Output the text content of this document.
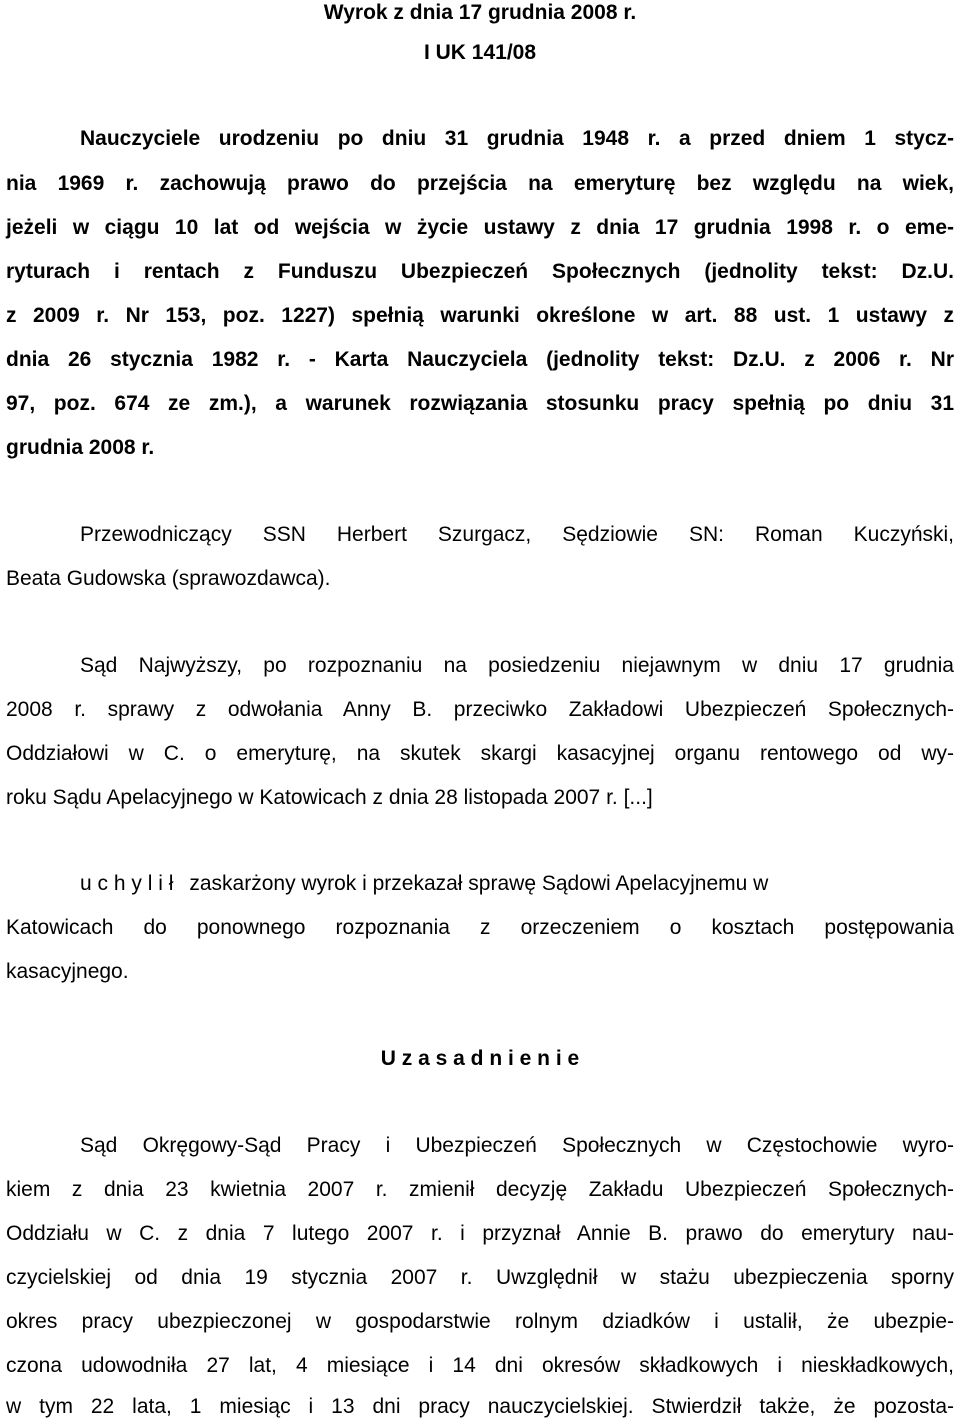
Wyrok z dnia 17 grudnia 2008 r.
I UK 141/08
Nauczyciele urodzeniu po dniu 31 grudnia 1948 r. a przed dniem 1 stycz-
nia 1969 r. zachowują prawo do przejścia na emeryturę bez względu na wiek,
jeżeli w ciągu 10 lat od wejścia w życie ustawy z dnia 17 grudnia 1998 r. o eme-
ryturach i rentach z Funduszu Ubezpieczeń Społecznych (jednolity tekst: Dz.U.
z 2009 r. Nr 153, poz. 1227) spełnią warunki określone w art. 88 ust. 1 ustawy z
dnia 26 stycznia 1982 r. - Karta Nauczyciela (jednolity tekst: Dz.U. z 2006 r. Nr
97, poz. 674 ze zm.), a warunek rozwiązania stosunku pracy spełnią po dniu 31
grudnia 2008 r.
Przewodniczący SSN Herbert Szurgacz, Sędziowie SN: Roman Kuczyński,
Beata Gudowska (sprawozdawca).
Sąd Najwyższy, po rozpoznaniu na posiedzeniu niejawnym w dniu 17 grudnia
2008 r. sprawy z odwołania Anny B. przeciwko Zakładowi Ubezpieczeń Społecznych-
Oddziałowi w C. o emeryturę, na skutek skargi kasacyjnej organu rentowego od wy-
roku Sądu Apelacyjnego w Katowicach z dnia 28 listopada 2007 r. [...]
u c h y l i ł zaskarżony wyrok i przekazał sprawę Sądowi Apelacyjnemu w
Katowicach do ponownego rozpoznania z orzeczeniem o kosztach postępowania
kasacyjnego.
U z a s a d n i e n i e
Sąd Okręgowy-Sąd Pracy i Ubezpieczeń Społecznych w Częstochowie wyro-
kiem z dnia 23 kwietnia 2007 r. zmienił decyzję Zakładu Ubezpieczeń Społecznych-
Oddziału w C. z dnia 7 lutego 2007 r. i przyznał Annie B. prawo do emerytury nau-
czycielskiej od dnia 19 stycznia 2007 r. Uwzględnił w stażu ubezpieczenia sporny
okres pracy ubezpieczonej w gospodarstwie rolnym dziadków i ustalił, że ubezpie-
czona udowodniła 27 lat, 4 miesiące i 14 dni okresów składkowych i nieskładkowych,
w tym 22 lata, 1 miesiąc i 13 dni pracy nauczycielskiej. Stwierdził także, że pozosta-
